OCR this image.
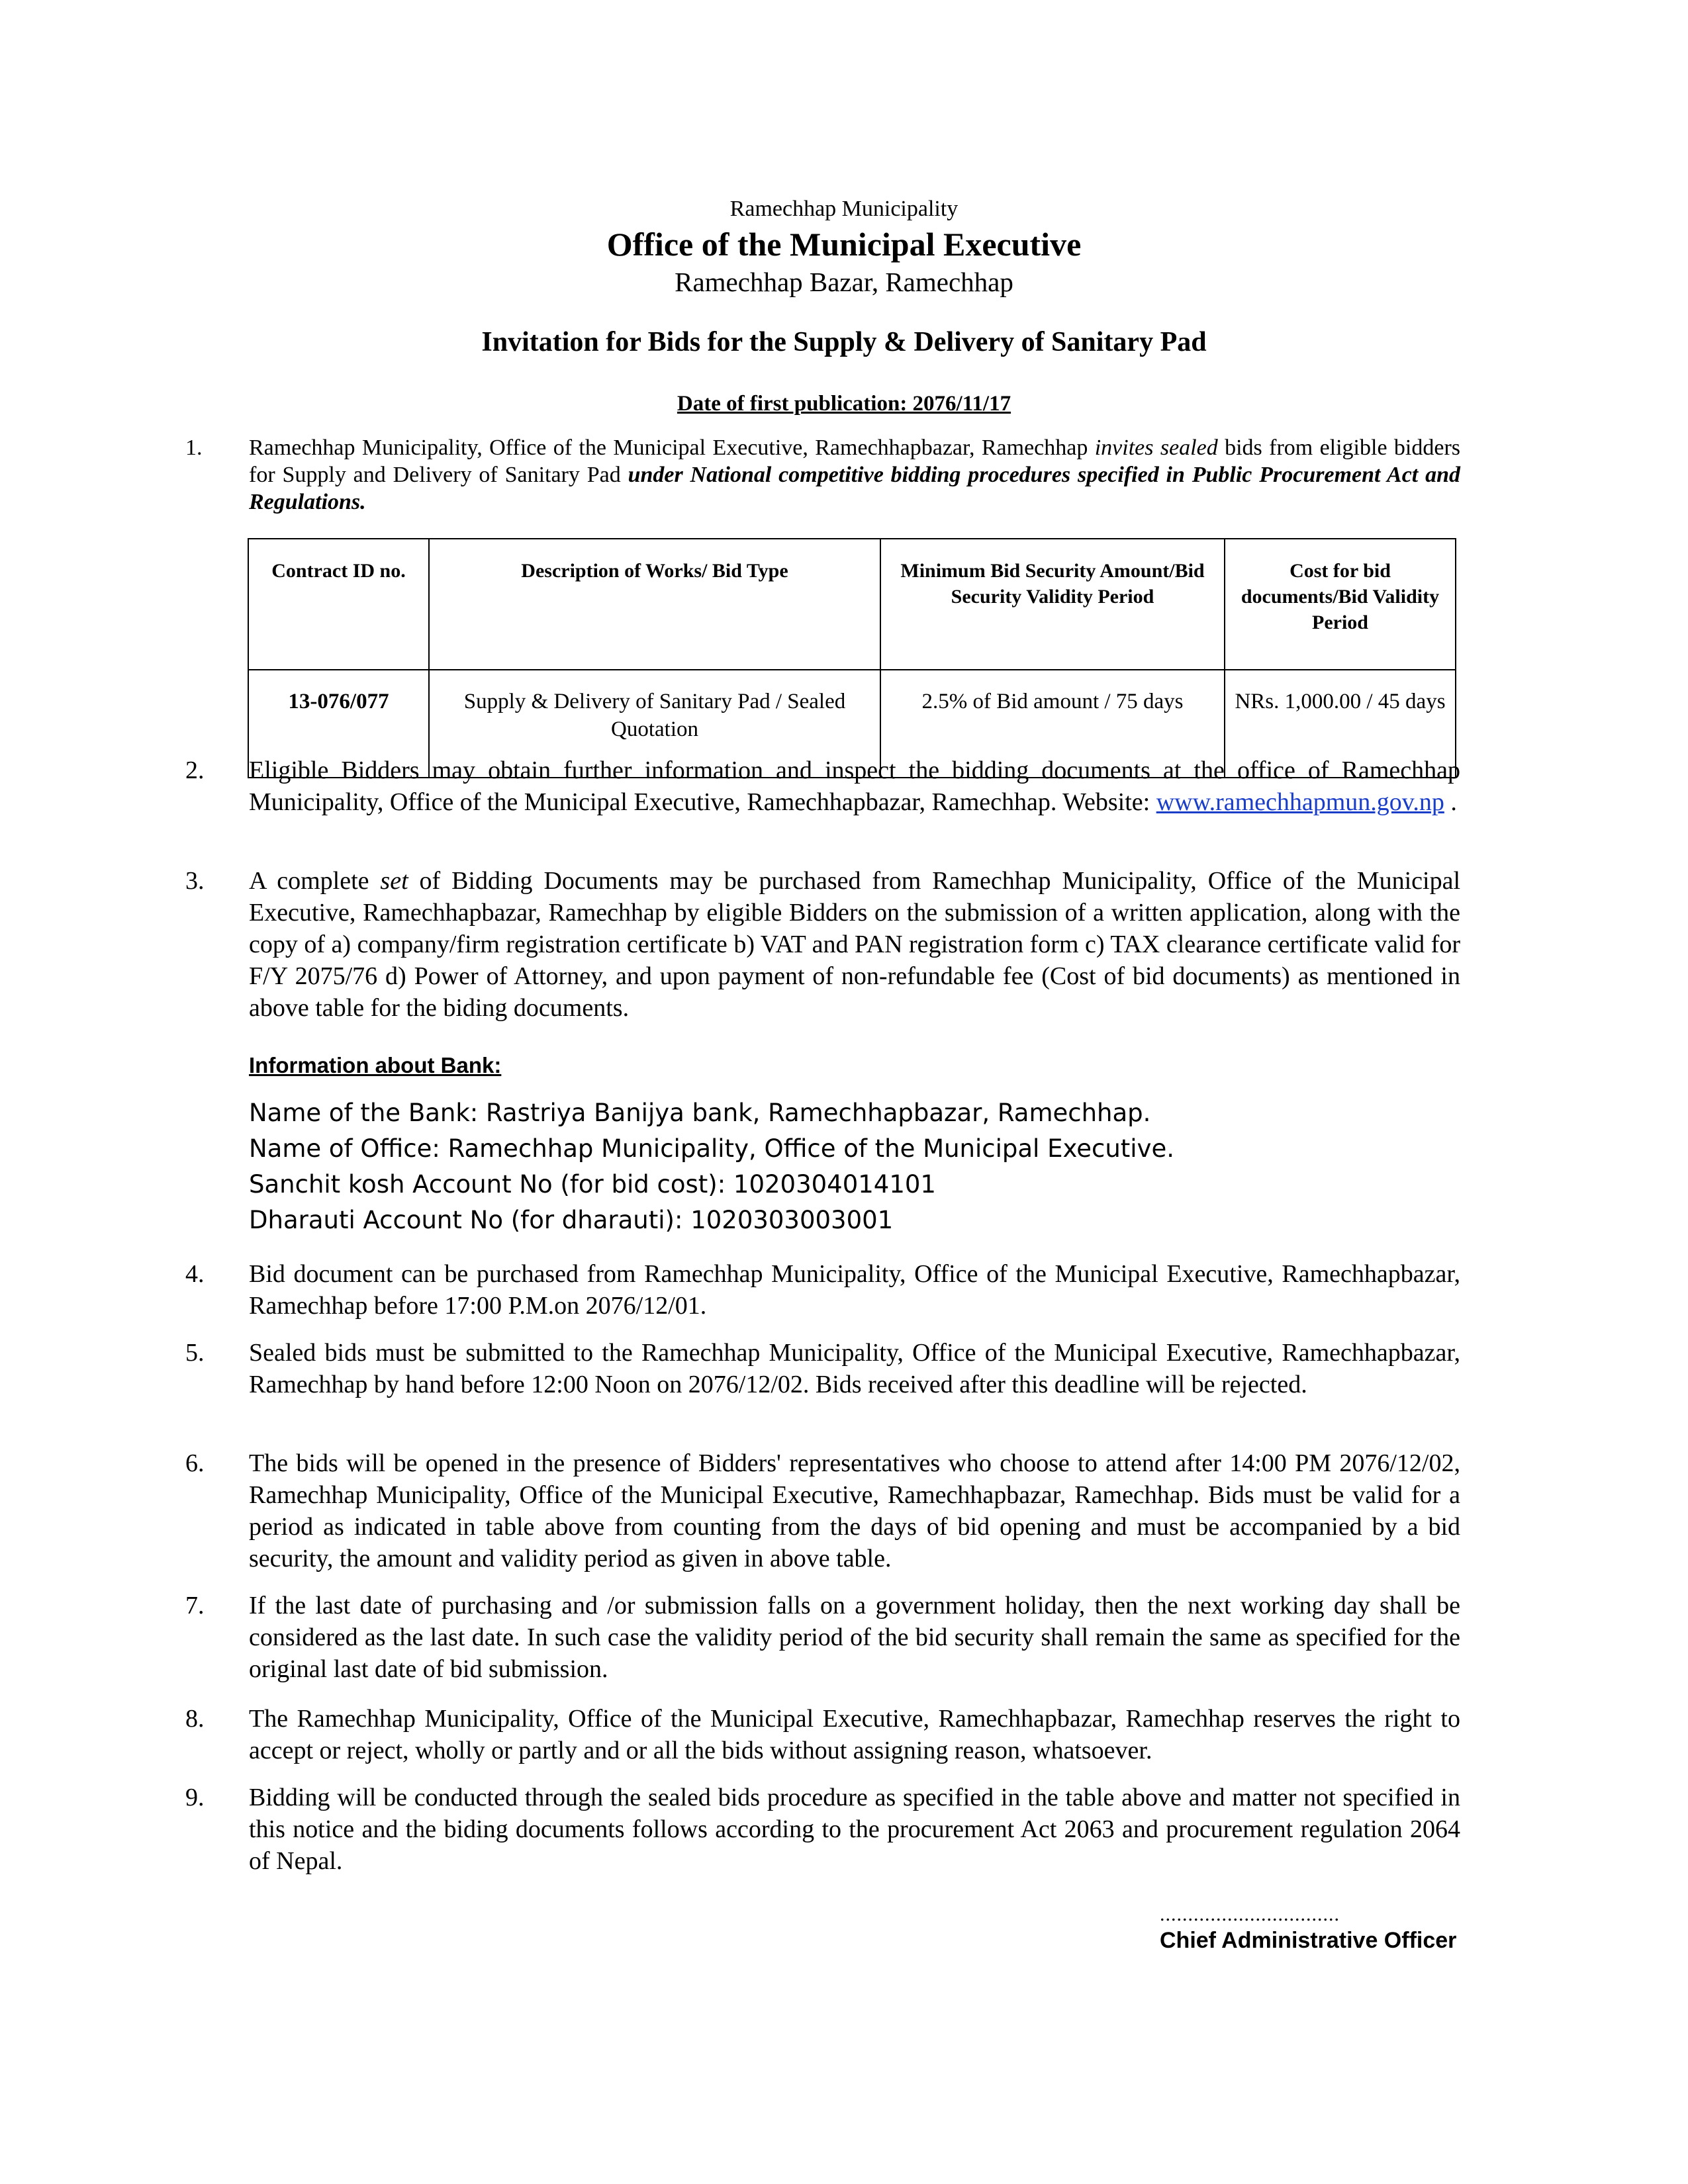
Ramechhap Municipality
Office of the Municipal Executive
Ramechhap Bazar, Ramechhap
Invitation for Bids for the Supply & Delivery of Sanitary Pad
Date of first publication: 2076/11/17
1. Ramechhap Municipality, Office of the Municipal Executive, Ramechhapbazar, Ramechhap invites sealed bids from eligible bidders for Supply and Delivery of Sanitary Pad under National competitive bidding procedures specified in Public Procurement Act and Regulations.
Contract ID no.	Description of Works/ Bid Type	Minimum Bid Security Amount/Bid Security Validity Period	Cost for bid documents/Bid Validity Period
13-076/077	Supply & Delivery of Sanitary Pad / Sealed Quotation	2.5% of Bid amount / 75 days	NRs. 1,000.00 / 45 days
2. Eligible Bidders may obtain further information and inspect the bidding documents at the office of Ramechhap Municipality, Office of the Municipal Executive, Ramechhapbazar, Ramechhap. Website: www.ramechhapmun.gov.np .
3. A complete set of Bidding Documents may be purchased from Ramechhap Municipality, Office of the Municipal Executive, Ramechhapbazar, Ramechhap by eligible Bidders on the submission of a written application, along with the copy of a) company/firm registration certificate b) VAT and PAN registration form c) TAX clearance certificate valid for F/Y 2075/76 d) Power of Attorney, and upon payment of non-refundable fee (Cost of bid documents) as mentioned in above table for the biding documents.
Information about Bank:
Name of the Bank: Rastriya Banijya bank, Ramechhapbazar, Ramechhap.
Name of Office: Ramechhap Municipality, Office of the Municipal Executive.
Sanchit kosh Account No (for bid cost): 1020304014101
Dharauti Account No (for dharauti): 1020303003001
4. Bid document can be purchased from Ramechhap Municipality, Office of the Municipal Executive, Ramechhapbazar, Ramechhap before 17:00 P.M.on 2076/12/01.
5. Sealed bids must be submitted to the Ramechhap Municipality, Office of the Municipal Executive, Ramechhapbazar, Ramechhap by hand before 12:00 Noon on 2076/12/02. Bids received after this deadline will be rejected.
6. The bids will be opened in the presence of Bidders' representatives who choose to attend after 14:00 PM 2076/12/02, Ramechhap Municipality, Office of the Municipal Executive, Ramechhapbazar, Ramechhap. Bids must be valid for a period as indicated in table above from counting from the days of bid opening and must be accompanied by a bid security, the amount and validity period as given in above table.
7. If the last date of purchasing and /or submission falls on a government holiday, then the next working day shall be considered as the last date. In such case the validity period of the bid security shall remain the same as specified for the original last date of bid submission.
8. The Ramechhap Municipality, Office of the Municipal Executive, Ramechhapbazar, Ramechhap reserves the right to accept or reject, wholly or partly and or all the bids without assigning reason, whatsoever.
9. Bidding will be conducted through the sealed bids procedure as specified in the table above and matter not specified in this notice and the biding documents follows according to the procurement Act 2063 and procurement regulation 2064 of Nepal.
................................
Chief Administrative Officer
